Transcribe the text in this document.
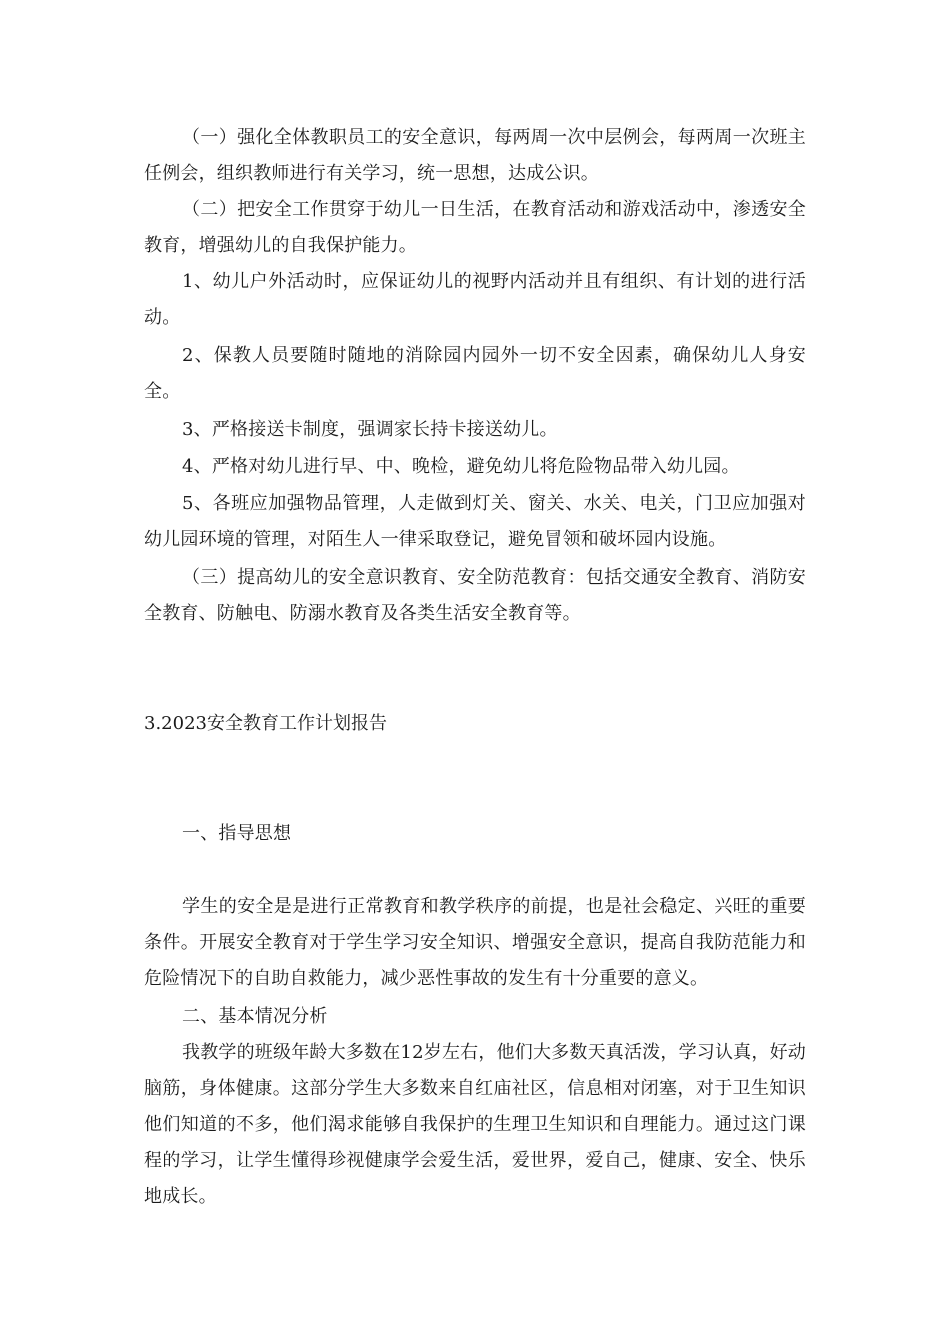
（一）强化全体教职员工的安全意识，每两周一次中层例会，每两周一次班主任例会，组织教师进行有关学习，统一思想，达成公识。

（二）把安全工作贯穿于幼儿一日生活，在教育活动和游戏活动中，渗透安全教育，增强幼儿的自我保护能力。

1、幼儿户外活动时，应保证幼儿的视野内活动并且有组织、有计划的进行活动。

2、保教人员要随时随地的消除园内园外一切不安全因素，确保幼儿人身安全。

3、严格接送卡制度，强调家长持卡接送幼儿。

4、严格对幼儿进行早、中、晚检，避免幼儿将危险物品带入幼儿园。

5、各班应加强物品管理，人走做到灯关、窗关、水关、电关，门卫应加强对幼儿园环境的管理，对陌生人一律采取登记，避免冒领和破坏园内设施。

（三）提高幼儿的安全意识教育、安全防范教育：包括交通安全教育、消防安全教育、防触电、防溺水教育及各类生活安全教育等。

3.2023安全教育工作计划报告

一、指导思想

学生的安全是是进行正常教育和教学秩序的前提，也是社会稳定、兴旺的重要条件。开展安全教育对于学生学习安全知识、增强安全意识，提高自我防范能力和危险情况下的自助自救能力，减少恶性事故的发生有十分重要的意义。

二、基本情况分析

我教学的班级年龄大多数在12岁左右，他们大多数天真活泼，学习认真，好动脑筋，身体健康。这部分学生大多数来自红庙社区，信息相对闭塞，对于卫生知识他们知道的不多，他们渴求能够自我保护的生理卫生知识和自理能力。通过这门课程的学习，让学生懂得珍视健康学会爱生活，爱世界，爱自己，健康、安全、快乐地成长。
